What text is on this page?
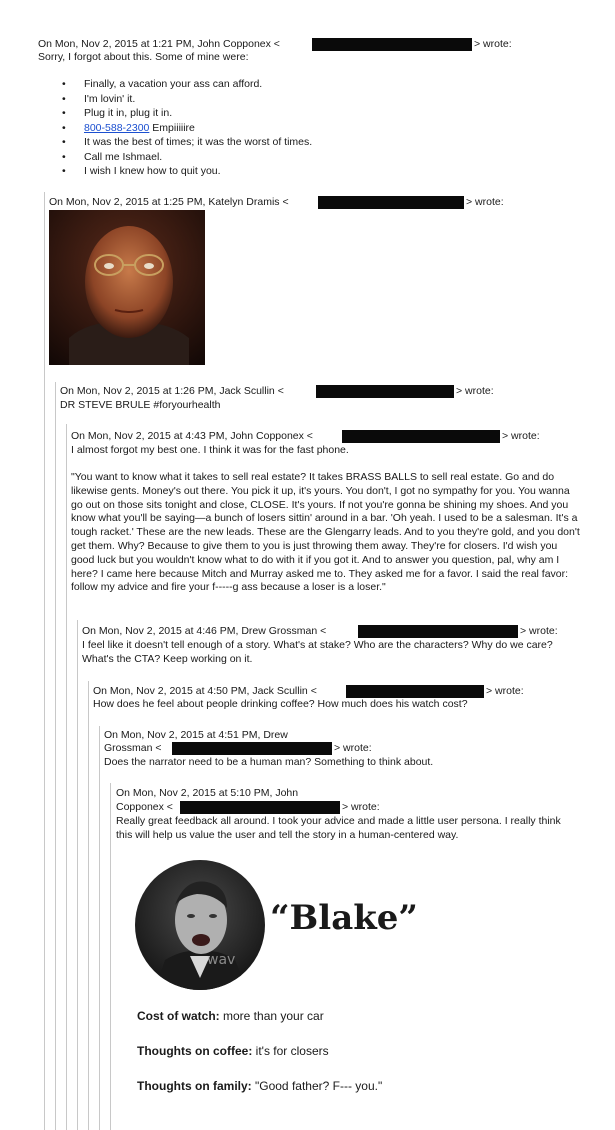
On Mon, Nov 2, 2015 at 1:21 PM, John Copponex <	> wrote:
Sorry, I forgot about this. Some of mine were:
• Finally, a vacation your ass can afford.
• I'm lovin' it.
• Plug it in, plug it in.
• 800-588-2300 Empiiiiire
• It was the best of times; it was the worst of times.
• Call me Ishmael.
• I wish I knew how to quit you.
On Mon, Nov 2, 2015 at 1:25 PM, Katelyn Dramis <	> wrote:
On Mon, Nov 2, 2015 at 1:26 PM, Jack Scullin <	> wrote:
DR STEVE BRULE #foryourhealth
On Mon, Nov 2, 2015 at 4:43 PM, John Copponex <	> wrote:
I almost forgot my best one. I think it was for the fast phone.

"You want to know what it takes to sell real estate? It takes BRASS BALLS to sell real estate. Go and do likewise gents. Money's out there. You pick it up, it's yours. You don't, I got no sympathy for you. You wanna go out on those sits tonight and close, CLOSE. It's yours. If not you're gonna be shining my shoes. And you know what you'll be saying—a bunch of losers sittin' around in a bar. 'Oh yeah. I used to be a salesman. It's a tough racket.' These are the new leads. These are the Glengarry leads. And to you they're gold, and you don't get them. Why? Because to give them to you is just throwing them away. They're for closers. I'd wish you good luck but you wouldn't know what to do with it if you got it. And to answer you question, pal, why am I here? I came here because Mitch and Murray asked me to. They asked me for a favor. I said the real favor: follow my advice and fire your f-----g ass because a loser is a loser."

On Mon, Nov 2, 2015 at 4:46 PM, Drew Grossman <	> wrote:

I feel like it doesn't tell enough of a story. What's at stake? Who are the characters? Why do we care? What's the CTA? Keep working on it.

On Mon, Nov 2, 2015 at 4:50 PM, Jack Scullin <	> wrote:
How does he feel about people drinking coffee? How much does his watch cost?
On Mon, Nov 2, 2015 at 4:51 PM, Drew
Grossman <	> wrote:
Does the narrator need to be a human man? Something to think about.
On Mon, Nov 2, 2015 at 5:10 PM, John
Copponex <	> wrote:

Really great feedback all around. I took your advice and made a little user persona. I really think this will help us value the user and tell the story in a human-centered way.

wav
“Blake”
Cost of watch: more than your car
Thoughts on coffee: it's for closers
Thoughts on family: "Good father? F--- you."
